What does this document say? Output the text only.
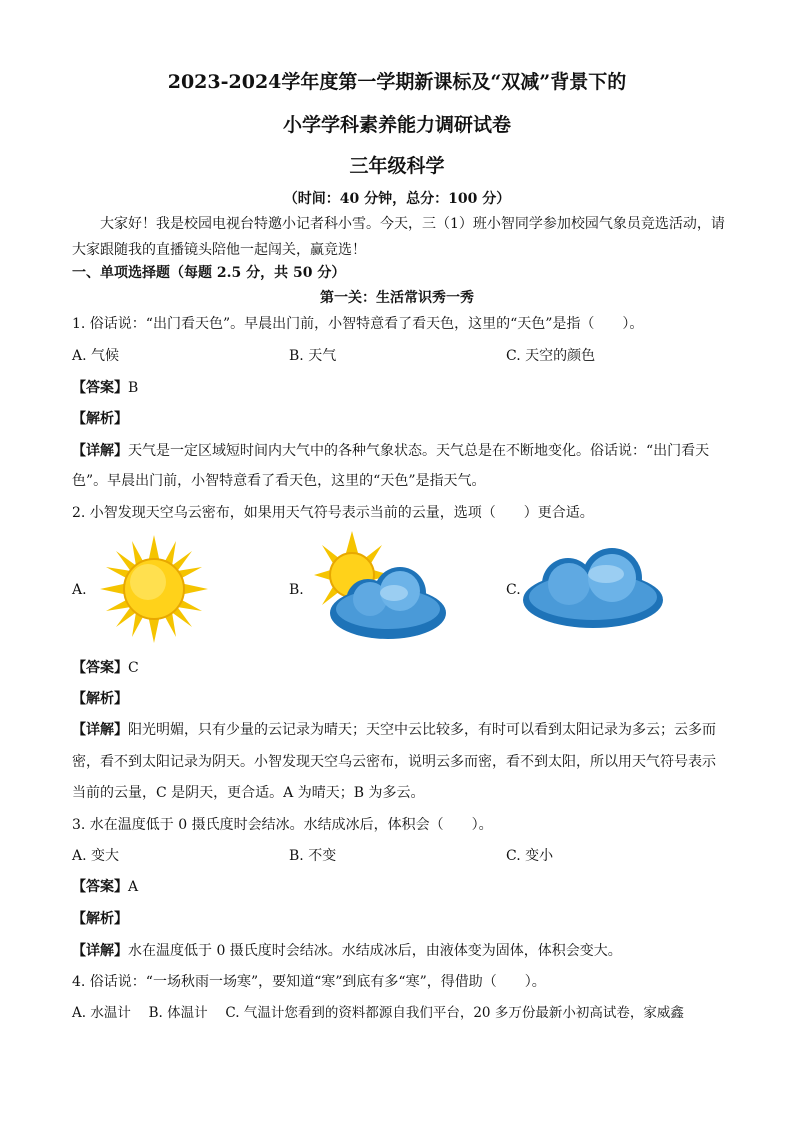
2023-2024学年度第一学期新课标及“双减”背景下的
小学学科素养能力调研试卷
三年级科学
（时间：40 分钟，总分：100 分）
大家好！我是校园电视台特邀小记者科小雪。今天，三（1）班小智同学参加校园气象员竞选活动，请
大家跟随我的直播镜头陪他一起闯关，赢竞选！
一、单项选择题（每题 2.5 分，共 50 分）
第一关：生活常识秀一秀
1. 俗话说：“出门看天色”。早晨出门前，小智特意看了看天色，这里的“天色”是指（　　）。
A. 气候	B. 天气	C. 天空的颜色
【答案】B
【解析】
【详解】天气是一定区域短时间内大气中的各种气象状态。天气总是在不断地变化。俗话说：“出门看天
色”。早晨出门前，小智特意看了看天色，这里的“天色”是指天气。
2. 小智发现天空乌云密布，如果用天气符号表示当前的云量，选项（　　）更合适。
A.	B.	C.
【答案】C
【解析】
【详解】阳光明媚，只有少量的云记录为晴天；天空中云比较多，有时可以看到太阳记录为多云；云多而
密，看不到太阳记录为阴天。小智发现天空乌云密布，说明云多而密，看不到太阳，所以用天气符号表示
当前的云量，C 是阴天，更合适。A 为晴天；B 为多云。
3. 水在温度低于 0 摄氏度时会结冰。水结成冰后，体积会（　　）。
A. 变大	B. 不变	C. 变小
【答案】A
【解析】
【详解】水在温度低于 0 摄氏度时会结冰。水结成冰后，由液体变为固体，体积会变大。
4. 俗话说：“一场秋雨一场寒”，要知道“寒”到底有多“寒”，得借助（　　）。
A. 水温计　 B. 体温计　 C. 气温计您看到的资料都源自我们平台，20 多万份最新小初高试卷，家威鑫
